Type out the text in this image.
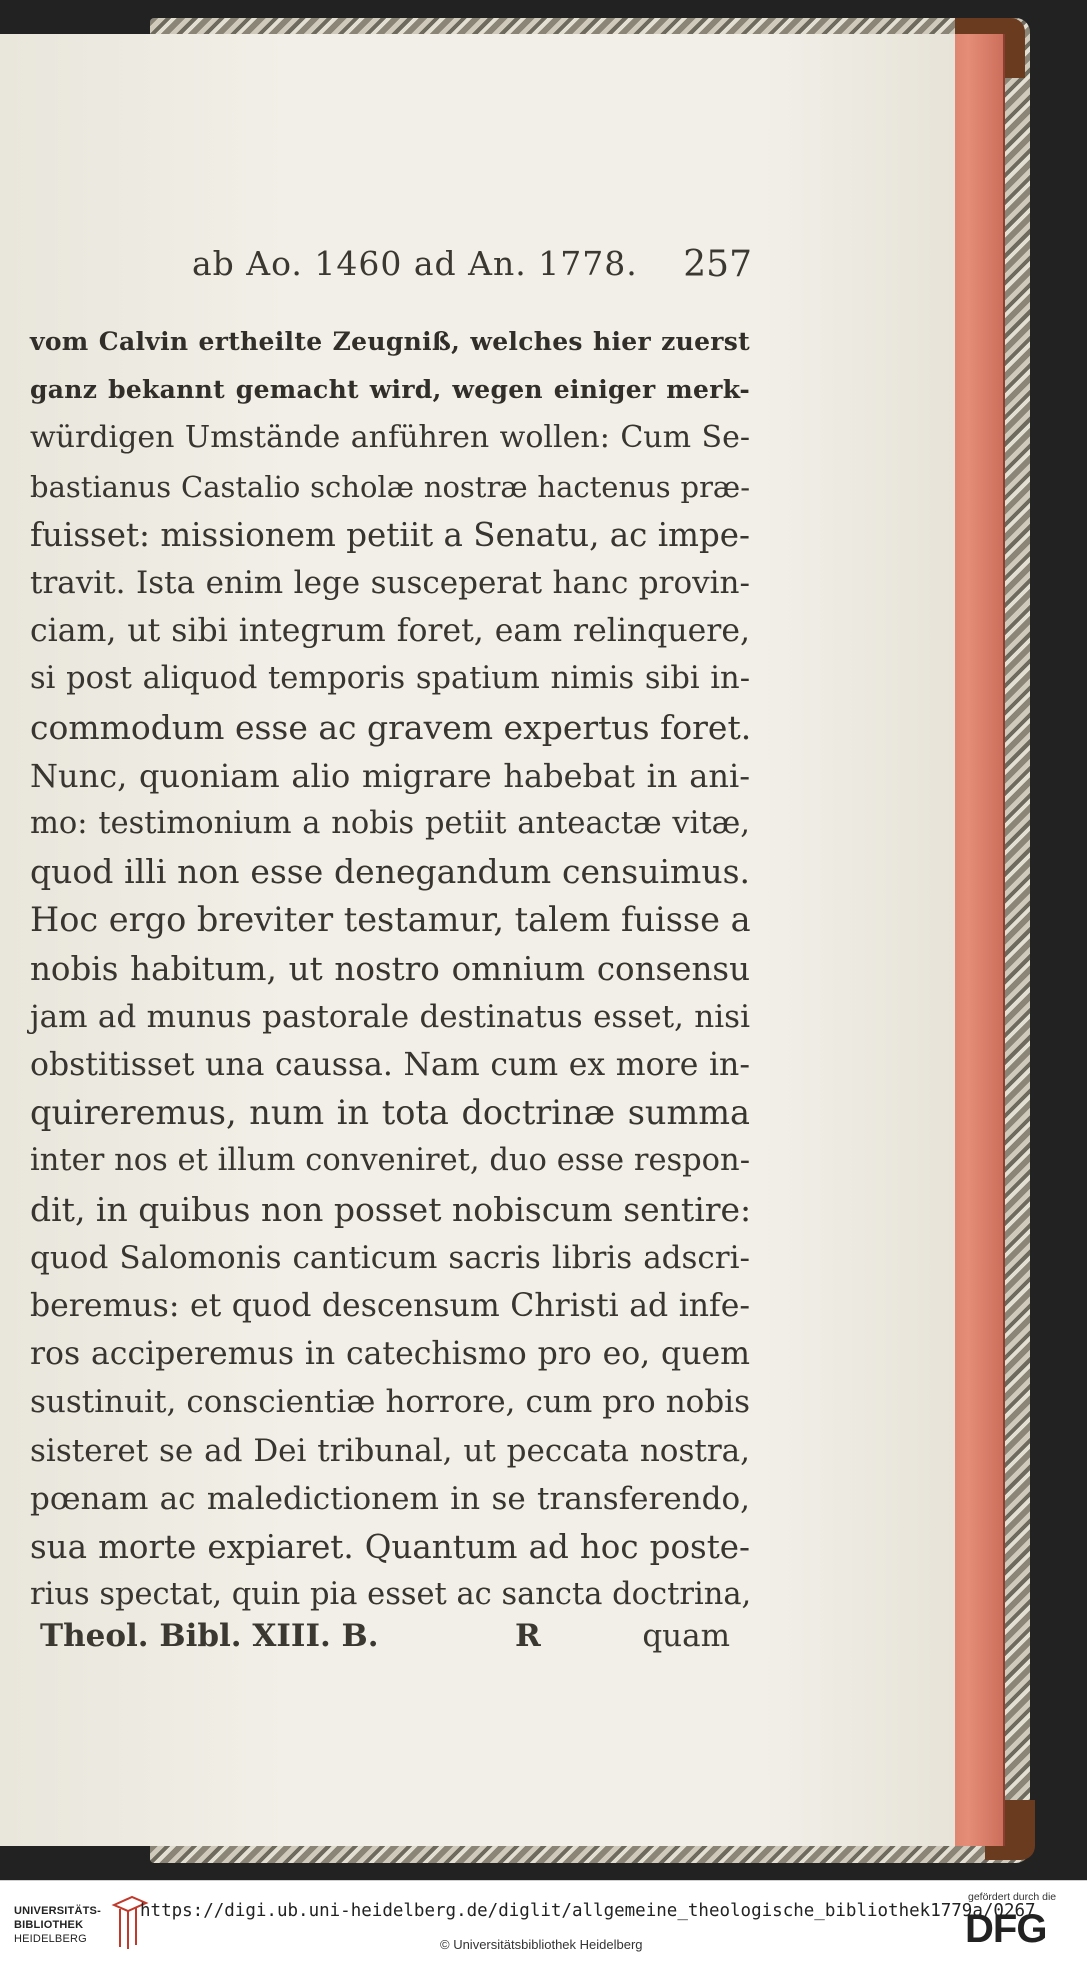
ab Ao. 1460 ad An. 1778. 257
vom Calvin ertheilte Zeugniß, welches hier zuerst
ganz bekannt gemacht wird, wegen einiger merk-
würdigen Umstände anführen wollen: Cum Se-
bastianus Castalio scholæ nostræ hactenus præ-
fuisset: missionem petiit a Senatu, ac impe-
travit. Ista enim lege susceperat hanc provin-
ciam, ut sibi integrum foret, eam relinquere,
si post aliquod temporis spatium nimis sibi in-
commodum esse ac gravem expertus foret.
Nunc, quoniam alio migrare habebat in ani-
mo: testimonium a nobis petiit anteactæ vitæ,
quod illi non esse denegandum censuimus.
Hoc ergo breviter testamur, talem fuisse a
nobis habitum, ut nostro omnium consensu
jam ad munus pastorale destinatus esset, nisi
obstitisset una caussa. Nam cum ex more in-
quireremus, num in tota doctrinæ summa
inter nos et illum conveniret, duo esse respon-
dit, in quibus non posset nobiscum sentire:
quod Salomonis canticum sacris libris adscri-
beremus: et quod descensum Christi ad infe-
ros acciperemus in catechismo pro eo, quem
sustinuit, conscientiæ horrore, cum pro nobis
sisteret se ad Dei tribunal, ut peccata nostra,
pœnam ac maledictionem in se transferendo,
sua morte expiaret. Quantum ad hoc poste-
rius spectat, quin pia esset ac sancta doctrina,
Theol. Bibl. XIII. B.	R	quam
UNIVERSITÄTS-
BIBLIOTHEK
HEIDELBERG
https://digi.ub.uni-heidelberg.de/diglit/allgemeine_theologische_bibliothek1779a/0267
© Universitätsbibliothek Heidelberg
gefördert durch die
DFG
